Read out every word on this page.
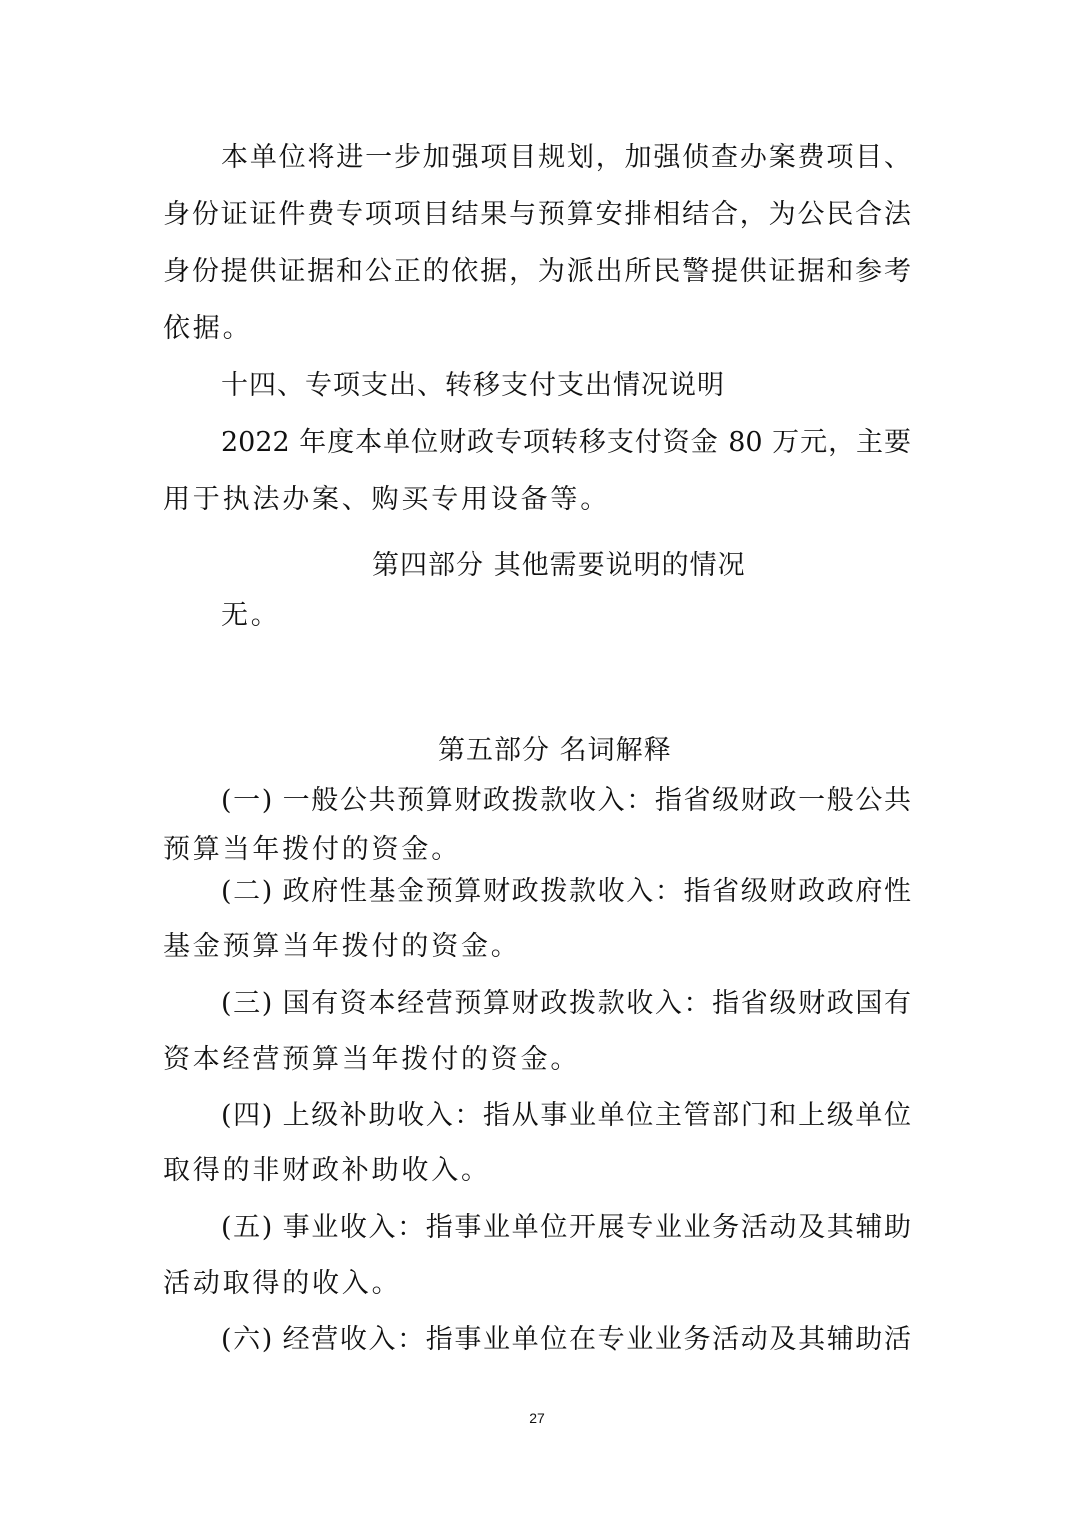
本单位将进一步加强项目规划，加强侦查办案费项目、
身份证证件费专项项目结果与预算安排相结合，为公民合法
身份提供证据和公正的依据，为派出所民警提供证据和参考
依据。
十四、专项支出、转移支付支出情况说明
2022 年度本单位财政专项转移支付资金 80 万元，主要
用于执法办案、购买专用设备等。
第四部分 其他需要说明的情况
无。
第五部分 名词解释
(一) 一般公共预算财政拨款收入：指省级财政一般公共
预算当年拨付的资金。
(二) 政府性基金预算财政拨款收入：指省级财政政府性
基金预算当年拨付的资金。
(三) 国有资本经营预算财政拨款收入：指省级财政国有
资本经营预算当年拨付的资金。
(四) 上级补助收入：指从事业单位主管部门和上级单位
取得的非财政补助收入。
(五) 事业收入：指事业单位开展专业业务活动及其辅助
活动取得的收入。
(六) 经营收入：指事业单位在专业业务活动及其辅助活
27
